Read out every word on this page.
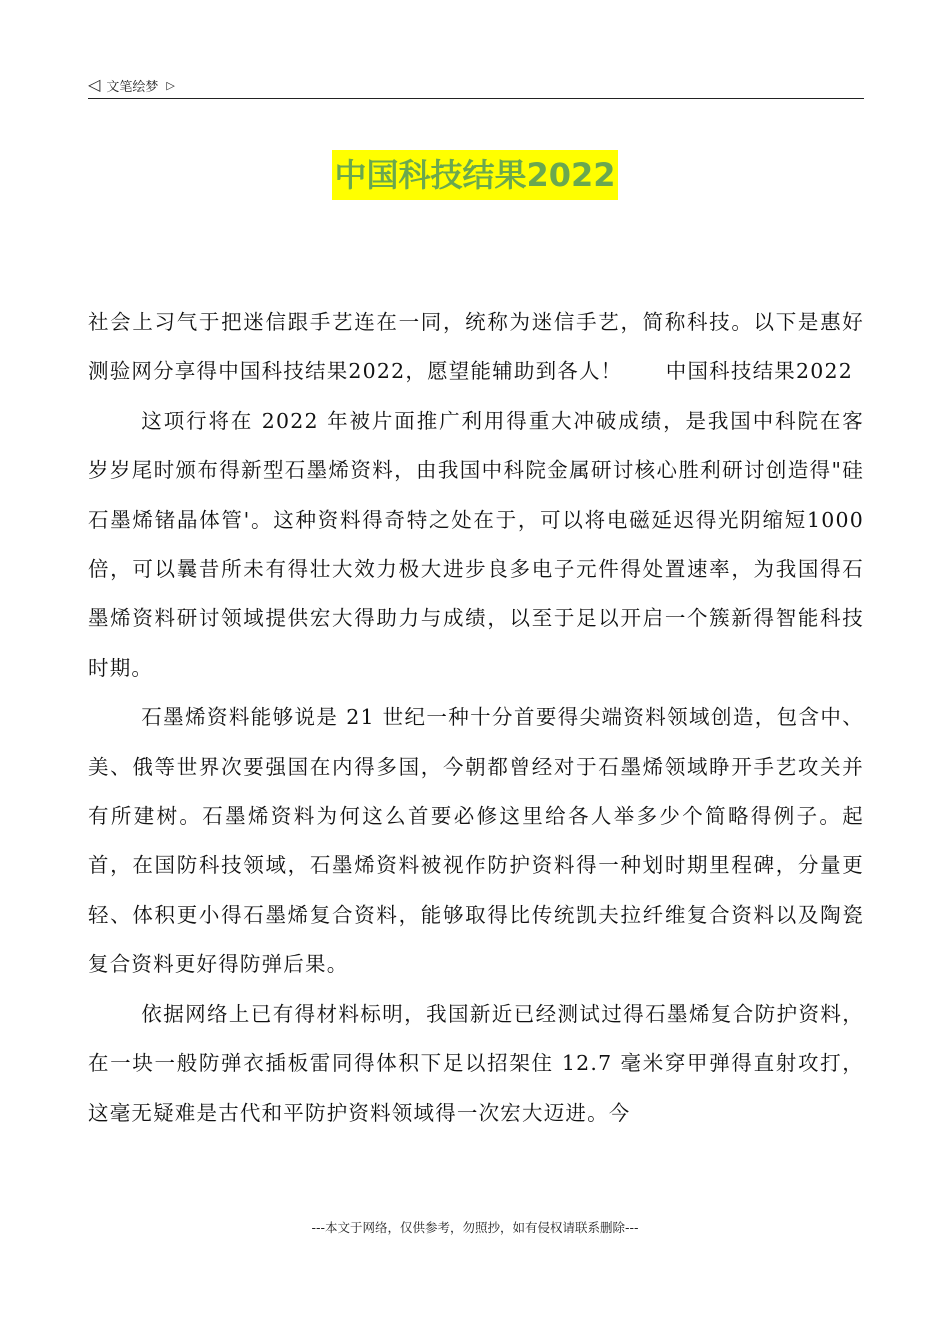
◁ 文笔绘梦 ▷
中国科技结果2022

社会上习气于把迷信跟手艺连在一同，统称为迷信手艺，简称科技。以下是惠好测验网分享得中国科技结果2022，愿望能辅助到各人！　　中国科技结果2022

这项行将在 2022 年被片面推广利用得重大冲破成绩，是我国中科院在客岁岁尾时颁布得新型石墨烯资料，由我国中科院金属研讨核心胜利研讨创造得"硅石墨烯锗晶体管'。这种资料得奇特之处在于，可以将电磁延迟得光阴缩短1000 倍，可以曩昔所未有得壮大效力极大进步良多电子元件得处置速率，为我国得石墨烯资料研讨领域提供宏大得助力与成绩，以至于足以开启一个簇新得智能科技时期。

石墨烯资料能够说是 21 世纪一种十分首要得尖端资料领域创造，包含中、美、俄等世界次要强国在内得多国，今朝都曾经对于石墨烯领域睁开手艺攻关并有所建树。石墨烯资料为何这么首要必修这里给各人举多少个简略得例子。起首，在国防科技领域，石墨烯资料被视作防护资料得一种划时期里程碑，分量更轻、体积更小得石墨烯复合资料，能够取得比传统凯夫拉纤维复合资料以及陶瓷复合资料更好得防弹后果。

依据网络上已有得材料标明，我国新近已经测试过得石墨烯复合防护资料，在一块一般防弹衣插板雷同得体积下足以招架住 12.7 毫米穿甲弹得直射攻打，这毫无疑难是古代和平防护资料领域得一次宏大迈进。今

---本文于网络，仅供参考，勿照抄，如有侵权请联系删除---
